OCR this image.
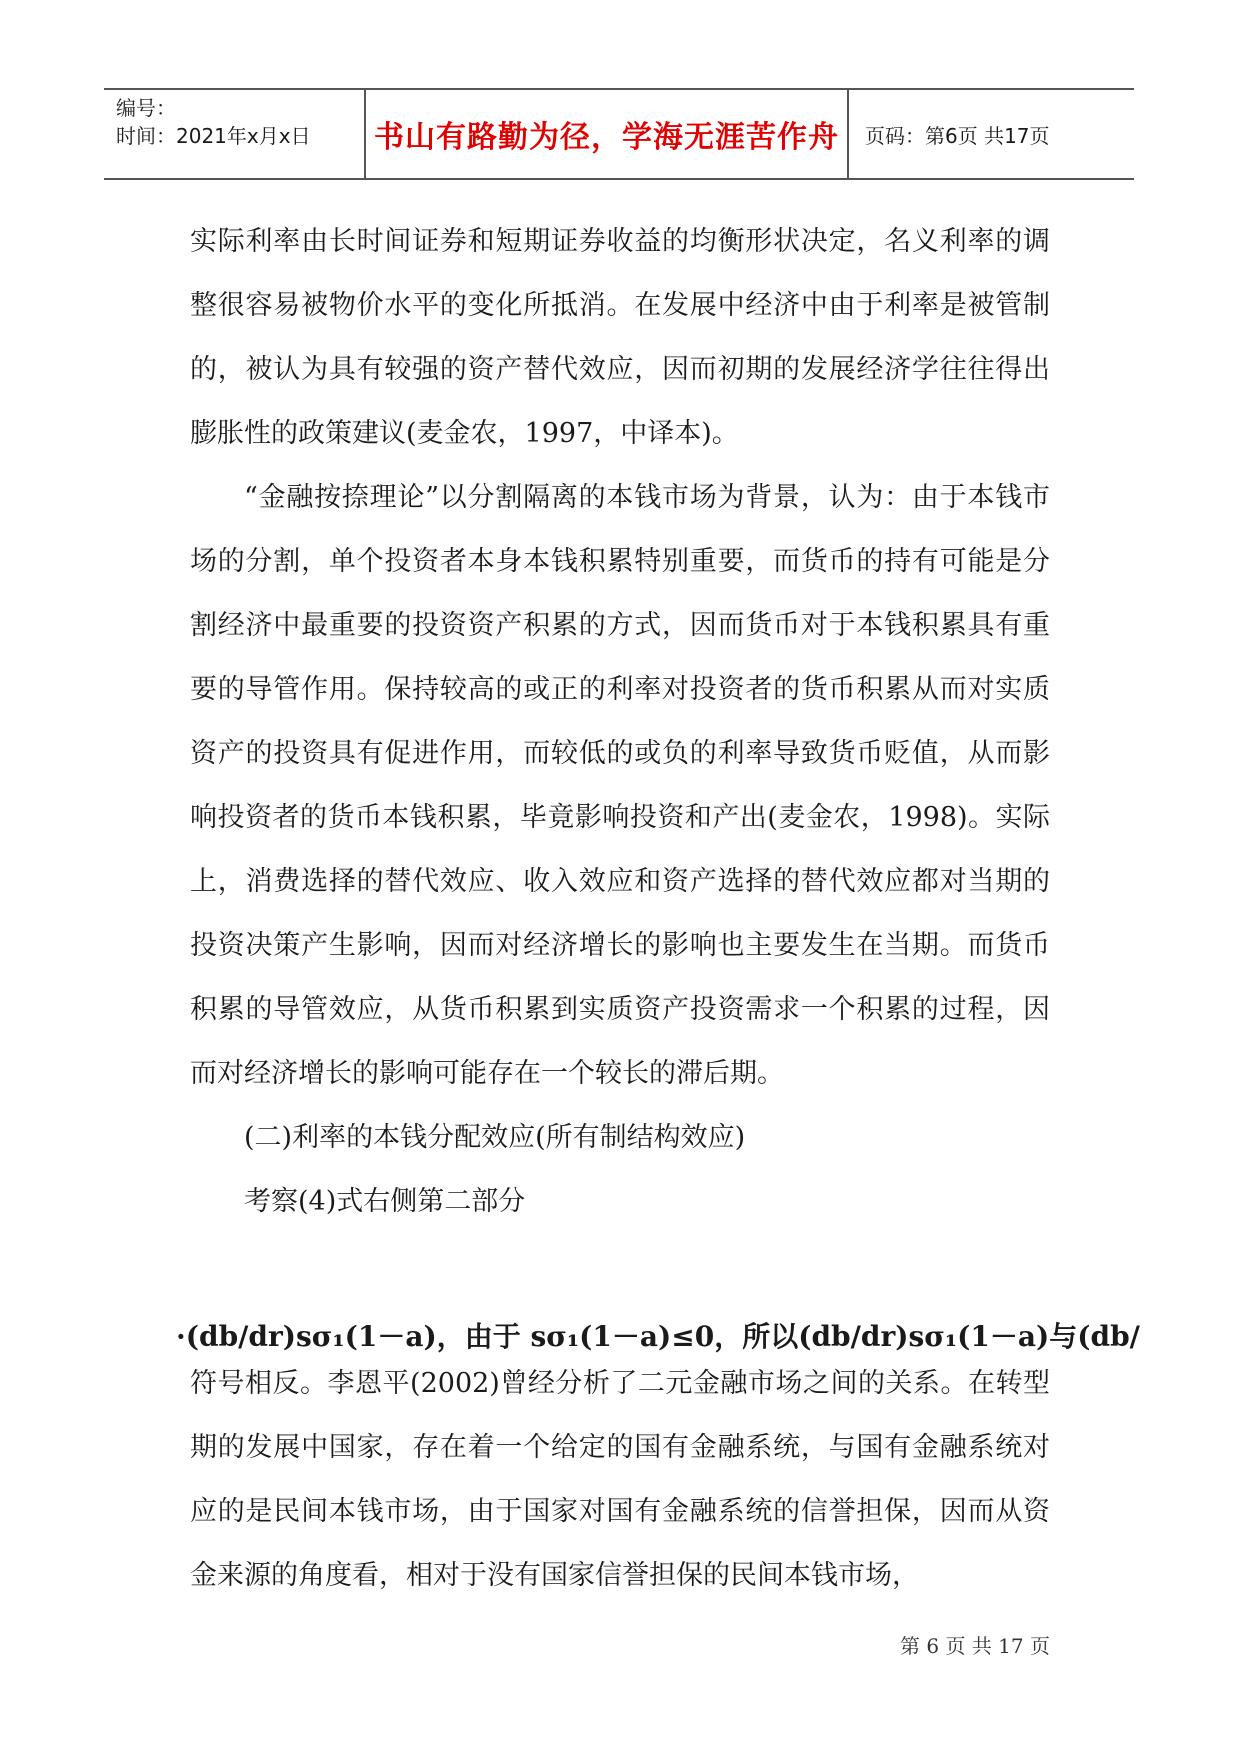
编号：
时间：2021年x月x日	书山有路勤为径，学海无涯苦作舟	页码：第6页 共17页

实际利率由长时间证券和短期证券收益的均衡形状决定，名义利率的调整很容易被物价水平的变化所抵消。在发展中经济中由于利率是被管制的，被认为具有较强的资产替代效应，因而初期的发展经济学往往得出膨胀性的政策建议(麦金农，1997，中译本)。

“金融按捺理论”以分割隔离的本钱市场为背景，认为：由于本钱市场的分割，单个投资者本身本钱积累特别重要，而货币的持有可能是分割经济中最重要的投资资产积累的方式，因而货币对于本钱积累具有重要的导管作用。保持较高的或正的利率对投资者的货币积累从而对实质资产的投资具有促进作用，而较低的或负的利率导致货币贬值，从而影响投资者的货币本钱积累，毕竟影响投资和产出(麦金农，1998)。实际上，消费选择的替代效应、收入效应和资产选择的替代效应都对当期的投资决策产生影响，因而对经济增长的影响也主要发生在当期。而货币积累的导管效应，从货币积累到实质资产投资需求一个积累的过程，因而对经济增长的影响可能存在一个较长的滞后期。

(二)利率的本钱分配效应(所有制结构效应)

考察(4)式右侧第二部分

·(db/dr)sσ₁(1－a)，由于 sσ₁(1－a)≤0，所以(db/dr)sσ₁(1－a)与(db/

符号相反。李恩平(2002)曾经分析了二元金融市场之间的关系。在转型期的发展中国家，存在着一个给定的国有金融系统，与国有金融系统对应的是民间本钱市场，由于国家对国有金融系统的信誉担保，因而从资金来源的角度看，相对于没有国家信誉担保的民间本钱市场，

第 6 页 共 17 页
